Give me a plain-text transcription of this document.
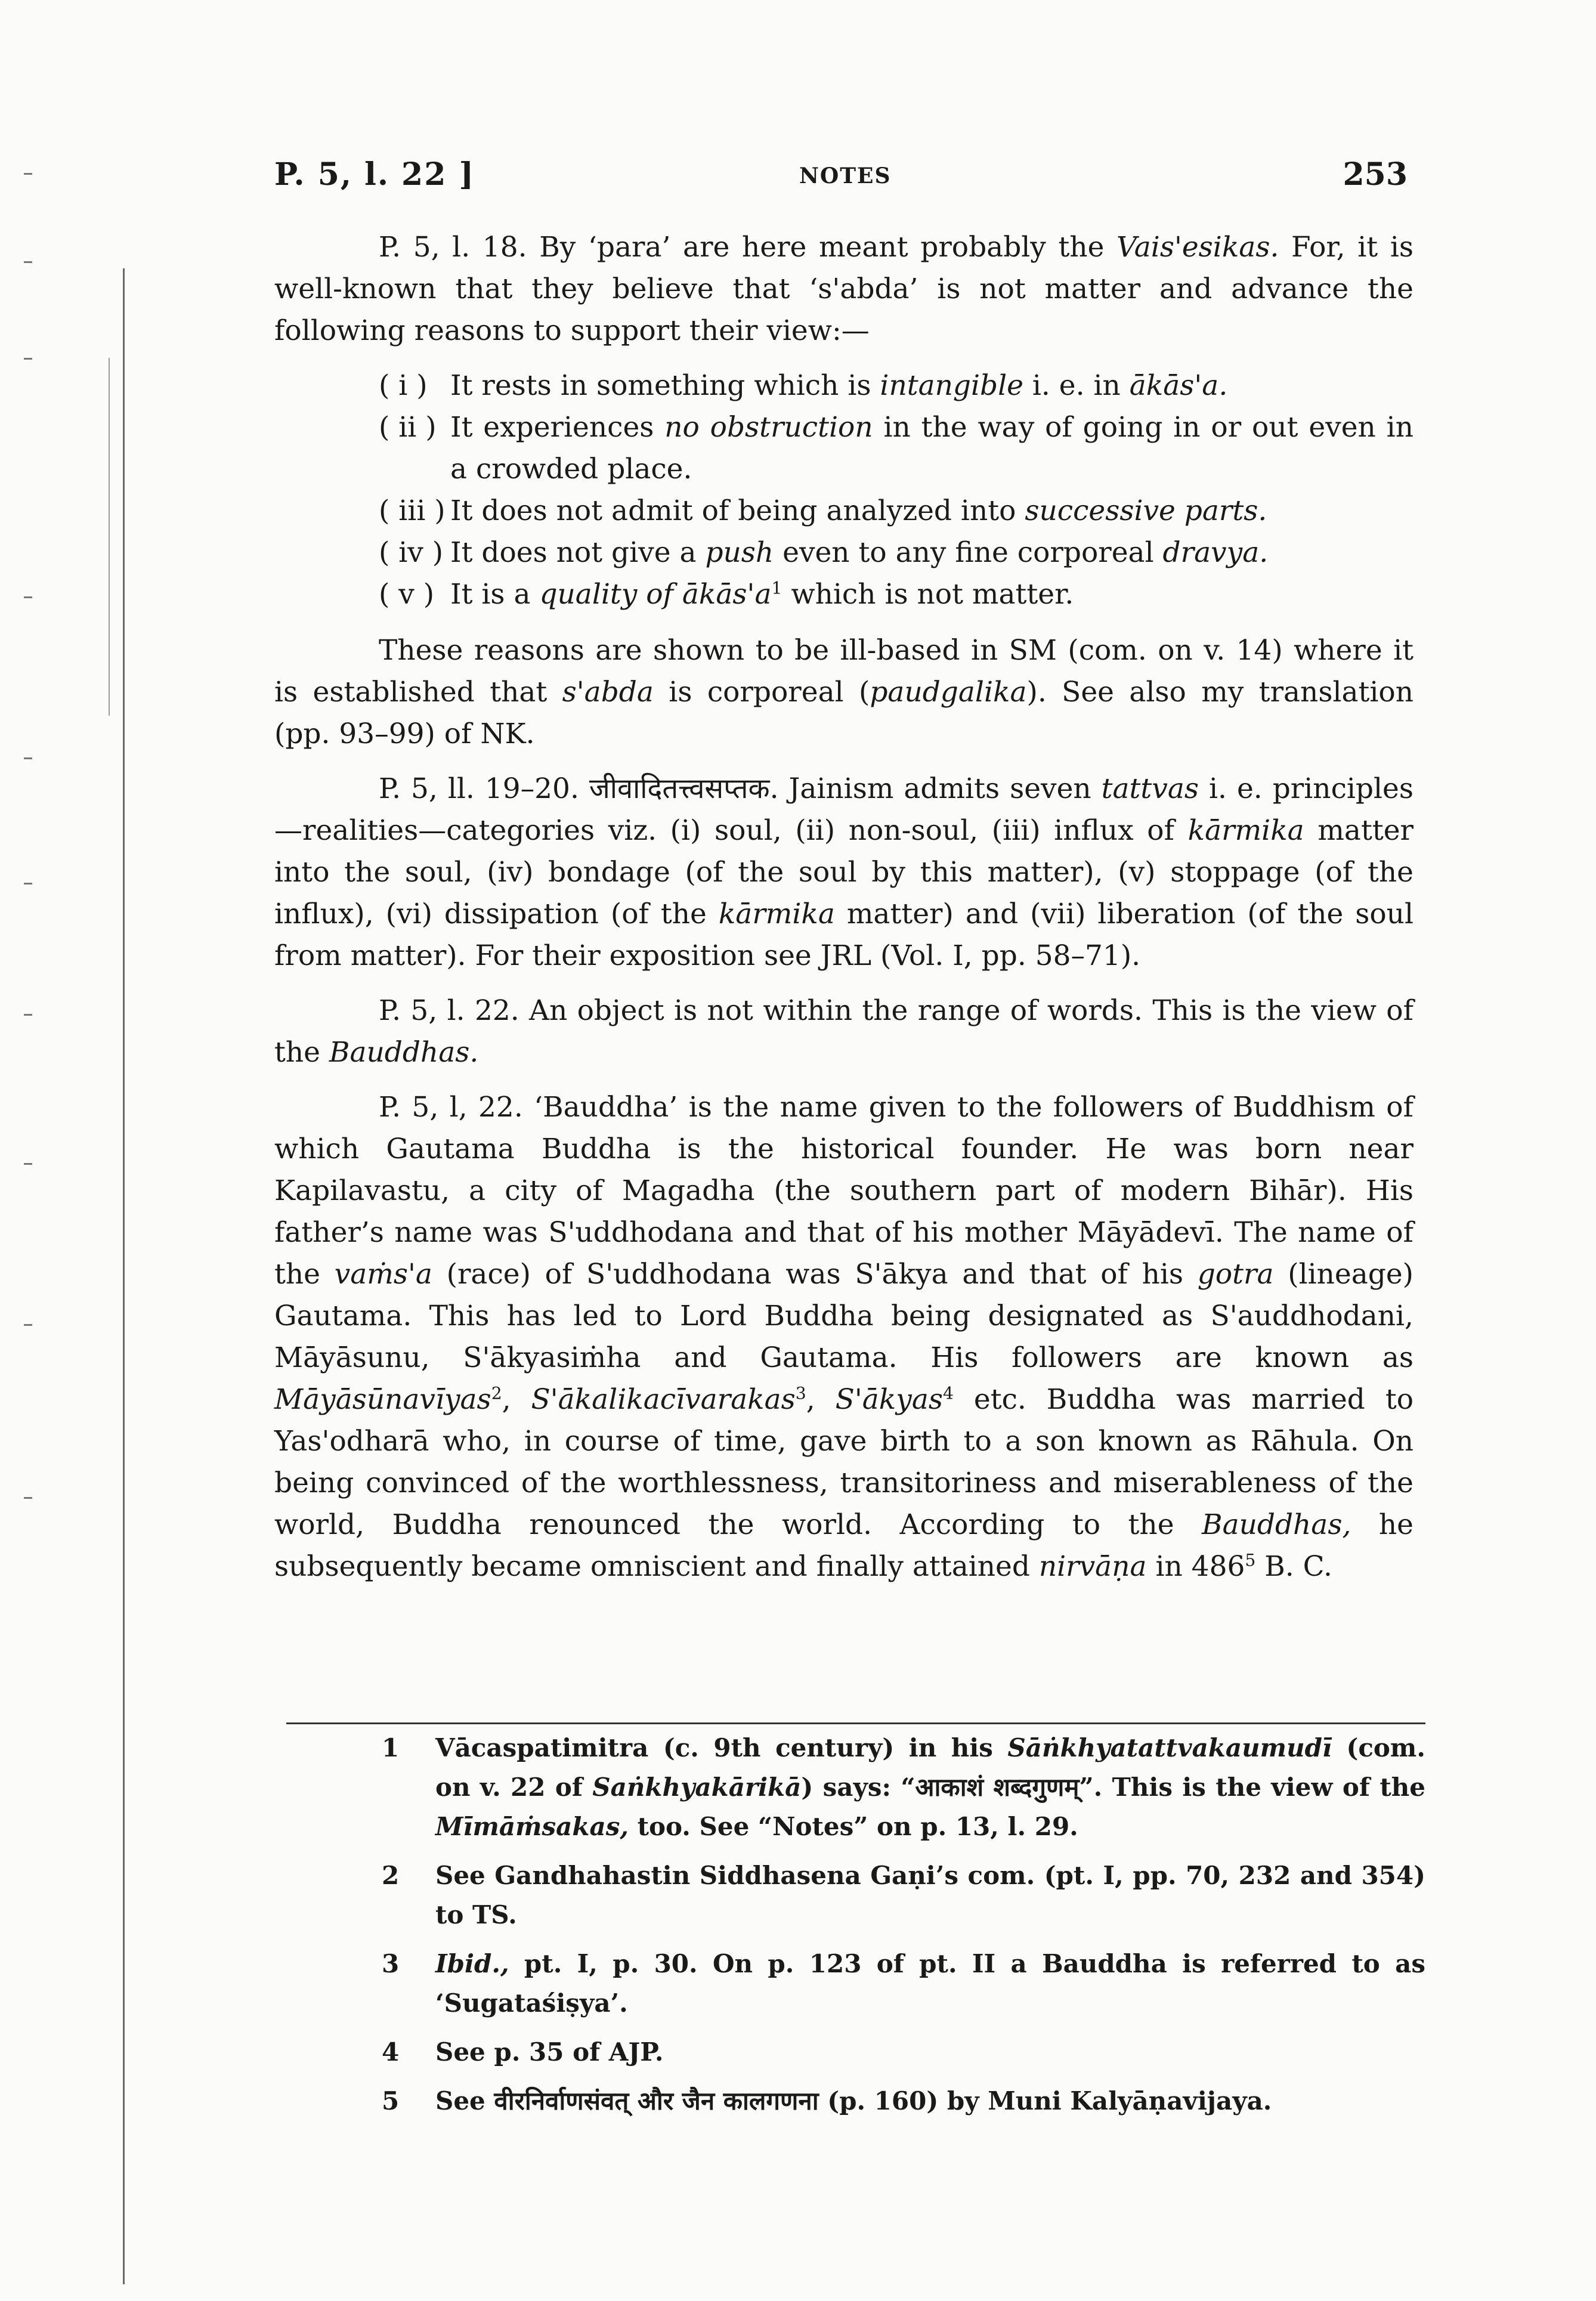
P. 5, l. 22 ]	NOTES	253

P. 5, l. 18. By ‘para’ are here meant probably the Vais'esikas. For, it is well-known that they believe that ‘s'abda’ is not matter and advance the following reasons to support their view:—

( i ) It rests in something which is intangible i. e. in ākās'a.
( ii ) It experiences no obstruction in the way of going in or out even in a crowded place.
( iii ) It does not admit of being analyzed into successive parts.
( iv ) It does not give a push even to any fine corporeal dravya.
( v ) It is a quality of $ākās'a^1$ which is not matter.

These reasons are shown to be ill-based in SM (com. on v. 14) where it is established that s'abda is corporeal (paudgalika). See also my translation (pp. 93–99) of NK.

P. 5, ll. 19–20. जीवादितत्त्वसप्तक. Jainism admits seven tattvas i. e. principles—realities—categories viz. (i) soul, (ii) non-soul, (iii) influx of kārmika matter into the soul, (iv) bondage (of the soul by this matter), (v) stoppage (of the influx), (vi) dissipation (of the kārmika matter) and (vii) liberation (of the soul from matter). For their exposition see JRL (Vol. I, pp. 58–71).

P. 5, l. 22. An object is not within the range of words. This is the view of the Bauddhas.

P. 5, l, 22. ‘Bauddha’ is the name given to the followers of Buddhism of which Gautama Buddha is the historical founder. He was born near Kapilavastu, a city of Magadha (the southern part of modern Bihār). His father’s name was S'uddhodana and that of his mother Māyādevī. The name of the vaṁs'a (race) of S'uddhodana was S'ākya and that of his gotra (lineage) Gautama. This has led to Lord Buddha being designated as S'auddhodani, Māyāsunu, S'ākyasiṁha and Gautama. His followers are known as Māyāsūnavīyas$^2$, S'ākalikacīvarakas$^3$, S'ākyas$^4$ etc. Buddha was married to Yas'odharā who, in course of time, gave birth to a son known as Rāhula. On being convinced of the worthlessness, transitoriness and miserableness of the world, Buddha renounced the world. According to the Bauddhas, he subsequently became omniscient and finally attained nirvāṇa in $486^5$ B. C.

1 Vācaspatimitra (c. 9th century) in his Sāṅkhyatattvakaumudī (com. on v. 22 of Saṅkhyakārikā) says: “आकाशं शब्दगुणम्”. This is the view of the Mīmāṁsakas, too. See “Notes” on p. 13, l. 29.
2 See Gandhahastin Siddhasena Gaṇi’s com. (pt. I, pp. 70, 232 and 354) to TS.
3 Ibid., pt. I, p. 30. On p. 123 of pt. II a Bauddha is referred to as ‘Sugataśiṣya’.
4 See p. 35 of AJP.
5 See वीरनिर्वाणसंवत् और जैन कालगणना (p. 160) by Muni Kalyāṇavijaya.
